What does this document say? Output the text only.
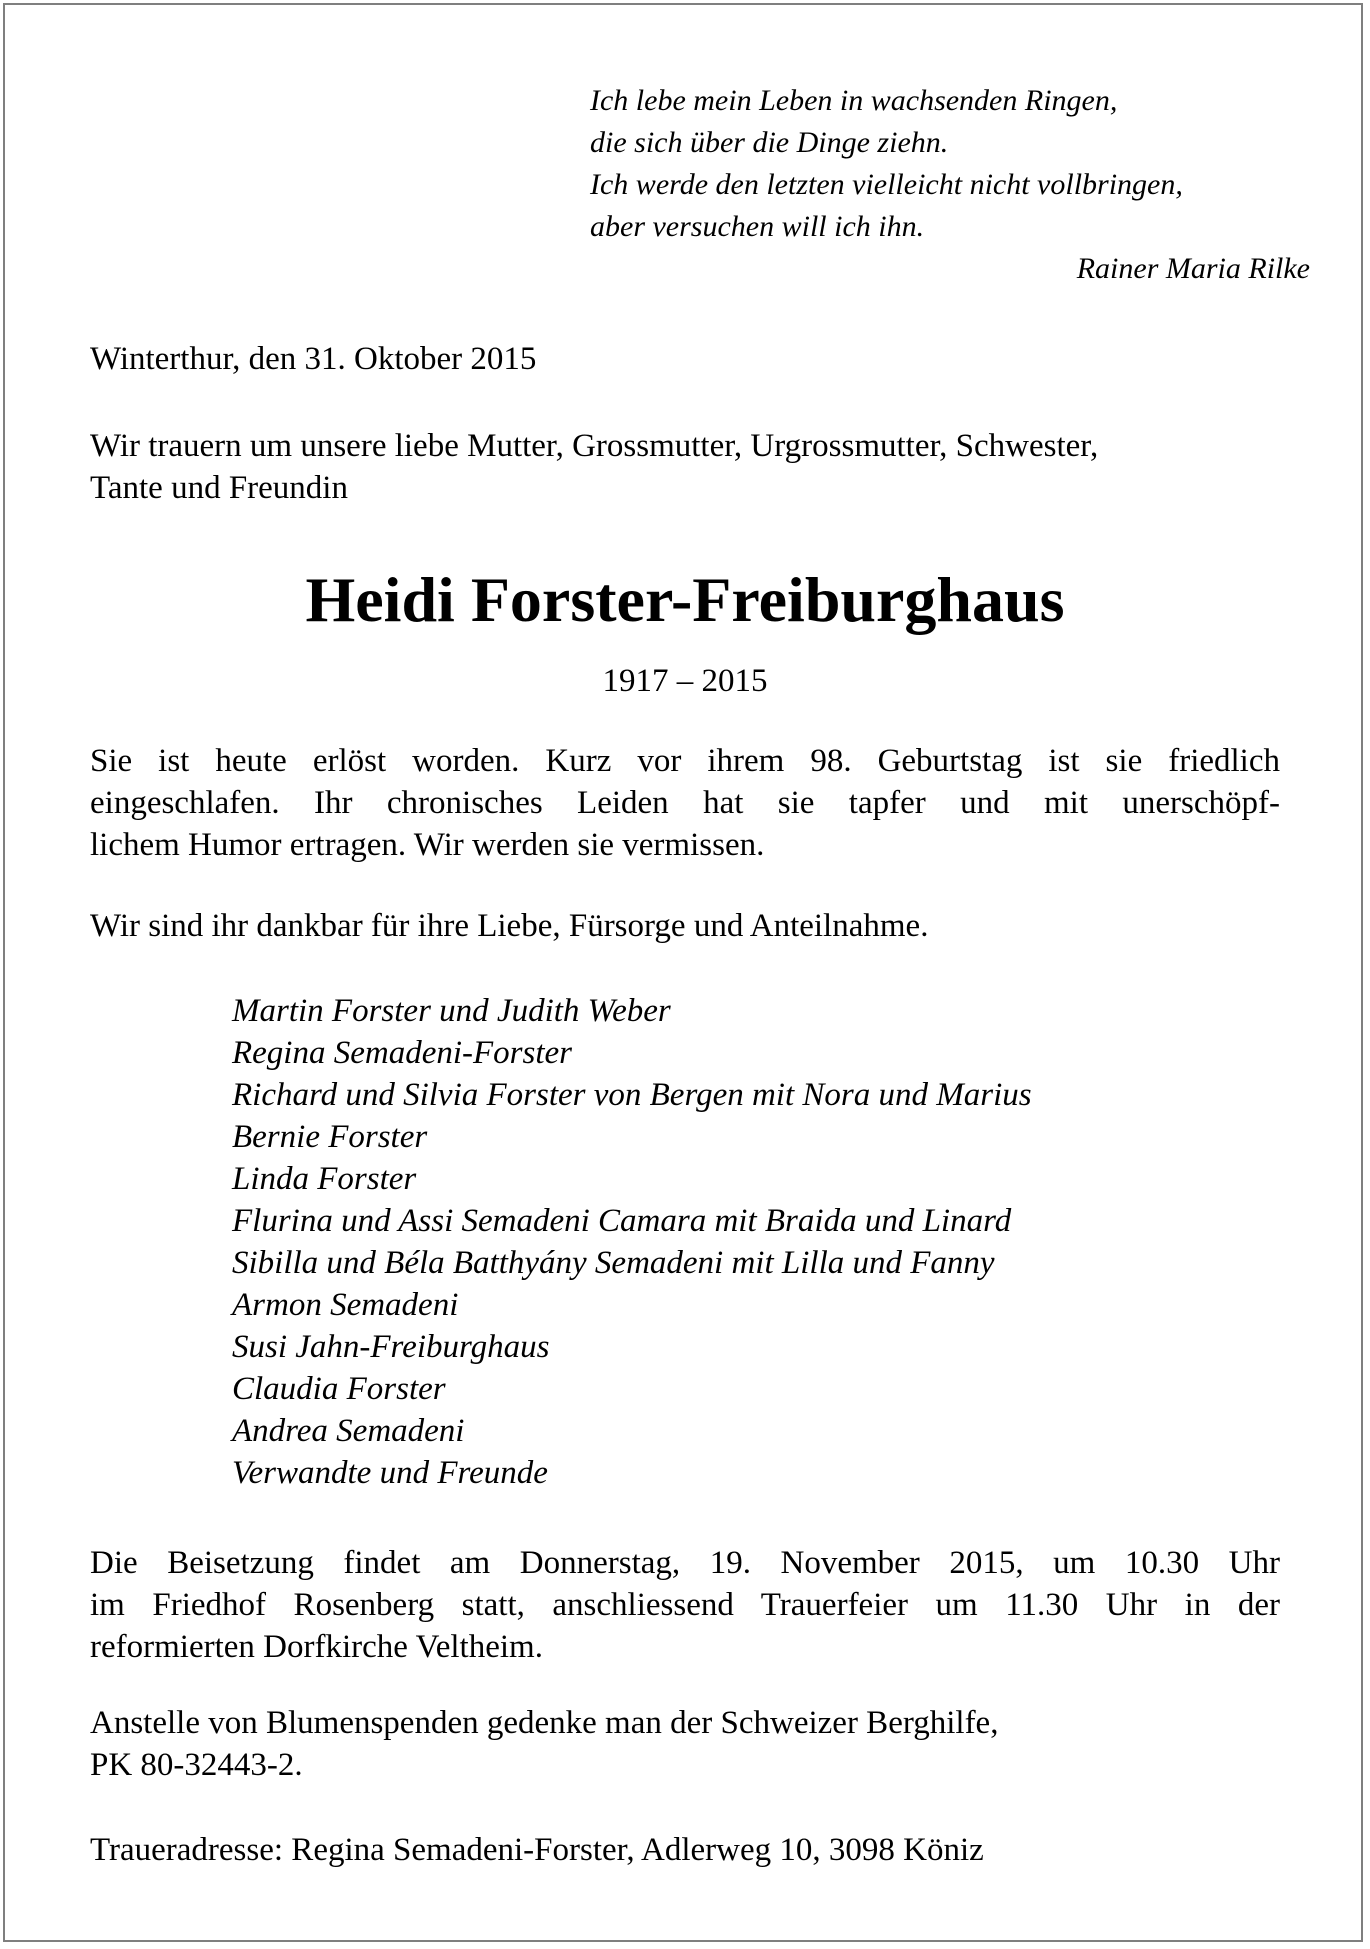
Ich lebe mein Leben in wachsenden Ringen,
die sich über die Dinge ziehn.
Ich werde den letzten vielleicht nicht vollbringen,
aber versuchen will ich ihn.
Rainer Maria Rilke
Winterthur, den 31. Oktober 2015
Wir trauern um unsere liebe Mutter, Grossmutter, Urgrossmutter, Schwester,
Tante und Freundin
Heidi Forster-Freiburghaus
1917 – 2015
Sie ist heute erlöst worden. Kurz vor ihrem 98. Geburtstag ist sie friedlich
eingeschlafen. Ihr chronisches Leiden hat sie tapfer und mit unerschöpf-
lichem Humor ertragen. Wir werden sie vermissen.
Wir sind ihr dankbar für ihre Liebe, Fürsorge und Anteilnahme.
Martin Forster und Judith Weber
Regina Semadeni-Forster
Richard und Silvia Forster von Bergen mit Nora und Marius
Bernie Forster
Linda Forster
Flurina und Assi Semadeni Camara mit Braida und Linard
Sibilla und Béla Batthyány Semadeni mit Lilla und Fanny
Armon Semadeni
Susi Jahn-Freiburghaus
Claudia Forster
Andrea Semadeni
Verwandte und Freunde
Die Beisetzung findet am Donnerstag, 19. November 2015, um 10.30 Uhr
im Friedhof Rosenberg statt, anschliessend Trauerfeier um 11.30 Uhr in der
reformierten Dorfkirche Veltheim.
Anstelle von Blumenspenden gedenke man der Schweizer Berghilfe,
PK 80-32443-2.
Traueradresse: Regina Semadeni-Forster, Adlerweg 10, 3098 Köniz
